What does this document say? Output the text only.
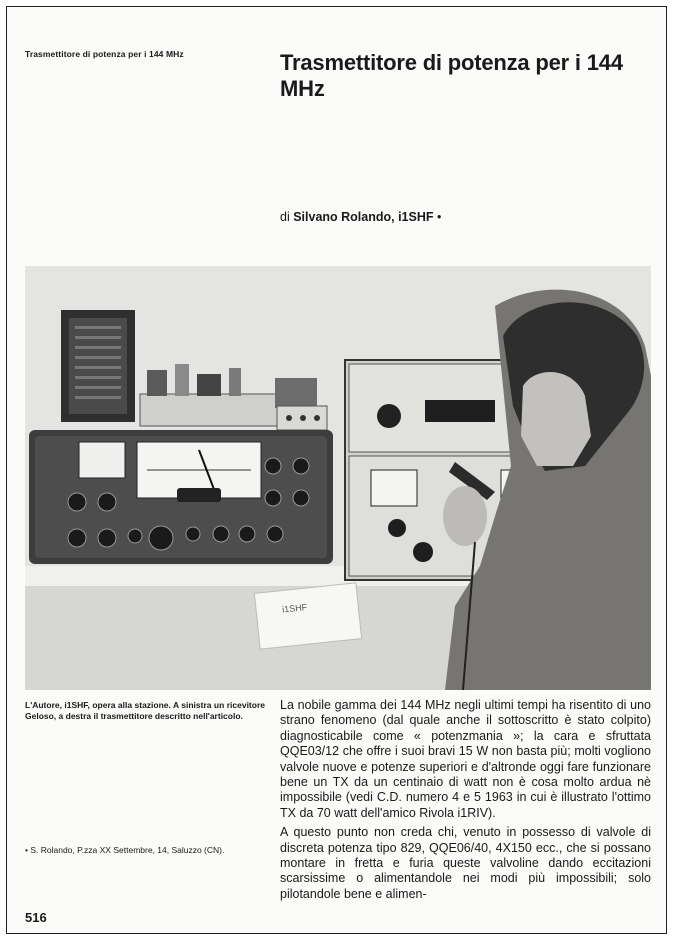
Trasmettitore di potenza per i 144 MHz	Trasmettitore di potenza per i 144 MHz
di Silvano Rolando, i1SHF •
i1SHF
L'Autore, i1SHF, opera alla stazione. A sinistra un ricevitore Geloso, a destra il trasmettitore descritto nell'articolo.
• S. Rolando, P.zza XX Settembre, 14, Saluzzo (CN).

La nobile gamma dei 144 MHz negli ultimi tempi ha risentito di uno strano fenomeno (dal quale anche il sottoscritto è stato colpito) diagnosticabile come « potenzmania »; la cara e sfruttata QQE03/12 che offre i suoi bravi 15 W non basta più; molti vogliono valvole nuove e potenze superiori e d'altronde oggi fare funzionare bene un TX da un centinaio di watt non è cosa molto ardua nè impossibile (vedi C.D. numero 4 e 5 1963 in cui è illustrato l'ottimo TX da 70 watt dell'amico Rivola i1RIV).

A questo punto non creda chi, venuto in possesso di valvole di discreta potenza tipo 829, QQE06/40, 4X150 ecc., che si possano montare in fretta e furia queste valvoline dando eccitazioni scarsissime o alimentandole nei modi più impossibili; solo pilotandole bene e alimen-

516
